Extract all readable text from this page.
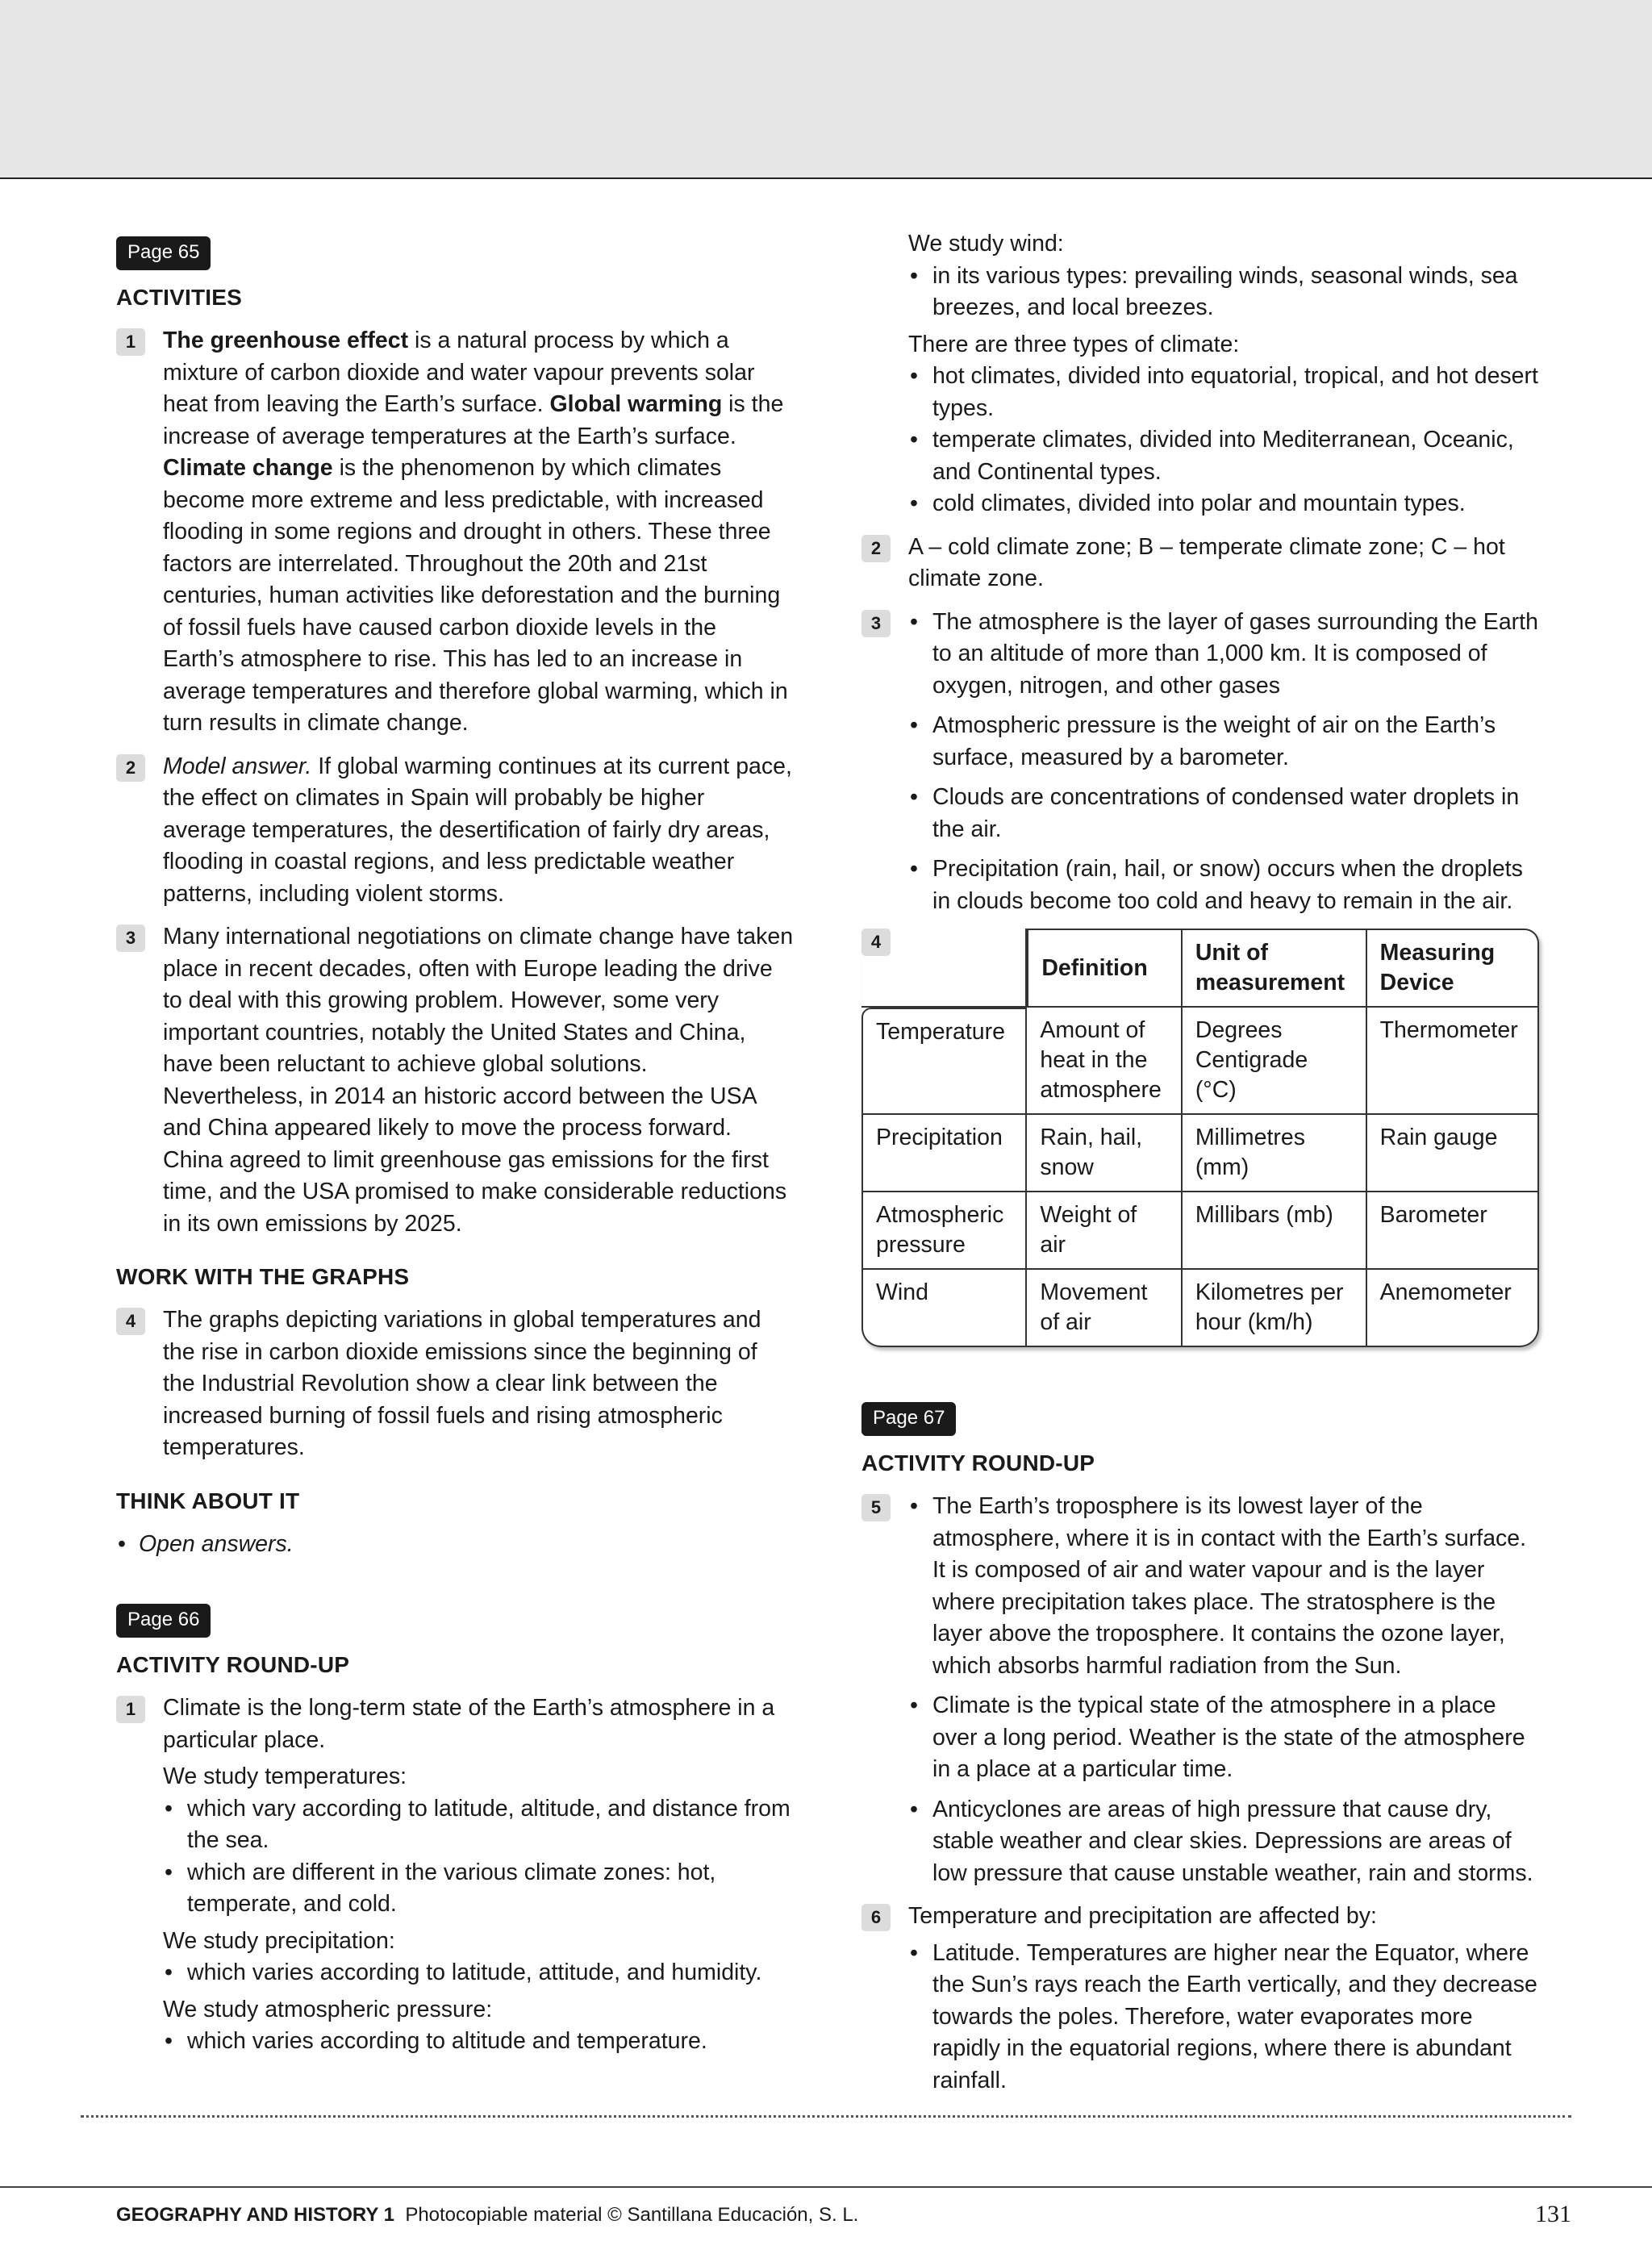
Page 65
ACTIVITIES
1	The greenhouse effect is a natural process by which a mixture of carbon dioxide and water vapour prevents solar heat from leaving the Earth’s surface. Global warming is the increase of average temperatures at the Earth’s surface. Climate change is the phenomenon by which climates become more extreme and less predictable, with increased flooding in some regions and drought in others. These three factors are interrelated. Throughout the 20th and 21st centuries, human activities like deforestation and the burning of fossil fuels have caused carbon dioxide levels in the Earth’s atmosphere to rise. This has led to an increase in average temperatures and therefore global warming, which in turn results in climate change.

2	Model answer. If global warming continues at its current pace, the effect on climates in Spain will probably be higher average temperatures, the desertification of fairly dry areas, flooding in coastal regions, and less predictable weather patterns, including violent storms.

3	Many international negotiations on climate change have taken place in recent decades, often with Europe leading the drive to deal with this growing problem. However, some very important countries, notably the United States and China, have been reluctant to achieve global solutions. Nevertheless, in 2014 an historic accord between the USA and China appeared likely to move the process forward. China agreed to limit greenhouse gas emissions for the first time, and the USA promised to make considerable reductions in its own emissions by 2025.

WORK WITH THE GRAPHS
4	The graphs depicting variations in global temperatures and the rise in carbon dioxide emissions since the beginning of the Industrial Revolution show a clear link between the increased burning of fossil fuels and rising atmospheric temperatures.

THINK ABOUT IT
• Open answers.
Page 66
ACTIVITY ROUND-UP
1	Climate is the long-term state of the Earth’s atmosphere in a particular place.

We study temperatures:

• which vary according to latitude, altitude, and distance from the sea.
• which are different in the various climate zones: hot, temperate, and cold.

We study precipitation:

• which varies according to latitude, attitude, and humidity.

We study atmospheric pressure:

• which varies according to altitude and temperature.

We study wind:

• in its various types: prevailing winds, seasonal winds, sea breezes, and local breezes.

There are three types of climate:

• hot climates, divided into equatorial, tropical, and hot desert types.
• temperate climates, divided into Mediterranean, Oceanic, and Continental types.
• cold climates, divided into polar and mountain types.
2	A – cold climate zone; B – temperate climate zone; C – hot climate zone.

3	• The atmosphere is the layer of gases surrounding the Earth to an altitude of more than 1,000 km. It is composed of oxygen, nitrogen, and other gases
• Atmospheric pressure is the weight of air on the Earth’s surface, measured by a barometer.
• Clouds are concentrations of condensed water droplets in the air.
• Precipitation (rain, hail, or snow) occurs when the droplets in clouds become too cold and heavy to remain in the air.
4
	Definition	Unit of measurement	Measuring Device
Temperature	Amount of heat in the atmosphere	Degrees Centigrade (°C)	Thermometer
Precipitation	Rain, hail, snow	Millimetres (mm)	Rain gauge
Atmospheric pressure	Weight of air	Millibars (mb)	Barometer
Wind	Movement of air	Kilometres per hour (km/h)	Anemometer
Page 67
ACTIVITY ROUND-UP
5	• The Earth’s troposphere is its lowest layer of the atmosphere, where it is in contact with the Earth’s surface. It is composed of air and water vapour and is the layer where precipitation takes place. The stratosphere is the layer above the troposphere. It contains the ozone layer, which absorbs harmful radiation from the Sun.
• Climate is the typical state of the atmosphere in a place over a long period. Weather is the state of the atmosphere in a place at a particular time.
• Anticyclones are areas of high pressure that cause dry, stable weather and clear skies. Depressions are areas of low pressure that cause unstable weather, rain and storms.
6	Temperature and precipitation are affected by:

• Latitude. Temperatures are higher near the Equator, where the Sun’s rays reach the Earth vertically, and they decrease towards the poles. Therefore, water evaporates more rapidly in the equatorial regions, where there is abundant rainfall.
GEOGRAPHY AND HISTORY 1 Photocopiable material © Santillana Educación, S. L.	131
